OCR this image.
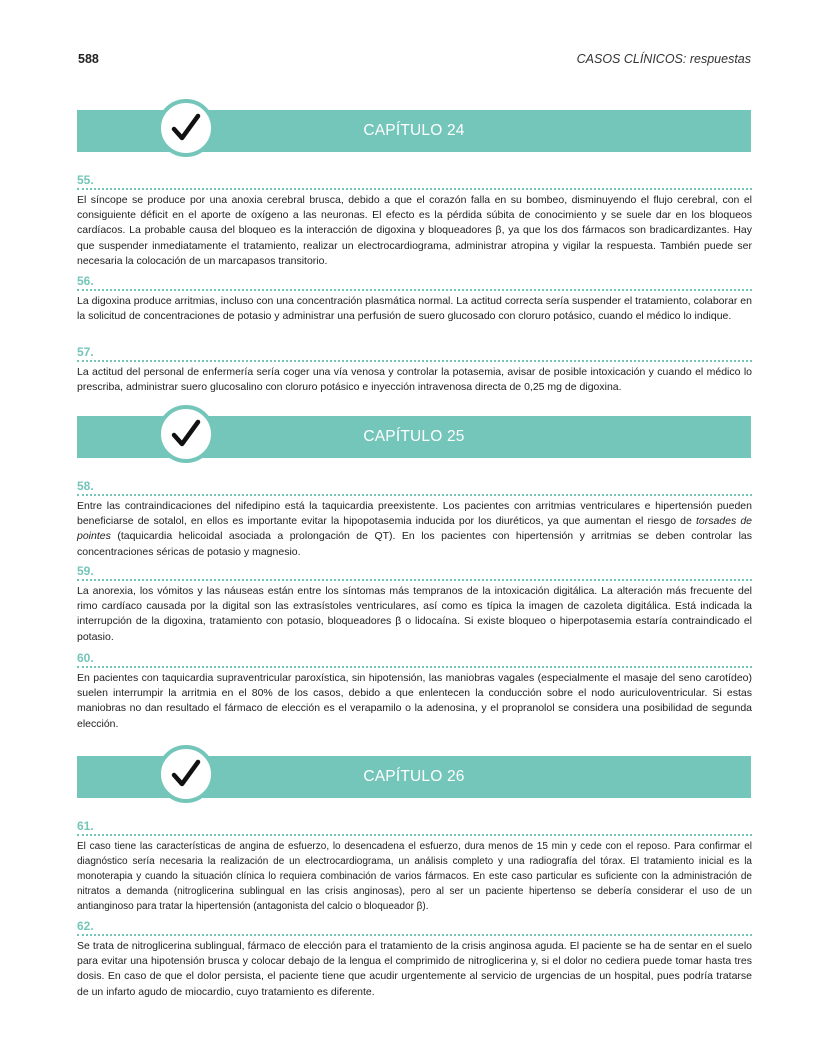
588	CASOS CLÍNICOS: respuestas
CAPÍTULO 24
55.

El síncope se produce por una anoxia cerebral brusca, debido a que el corazón falla en su bombeo, disminuyendo el flujo cerebral, con el consiguiente déficit en el aporte de oxígeno a las neuronas. El efecto es la pérdida súbita de conocimiento y se suele dar en los bloqueos cardíacos. La probable causa del bloqueo es la interacción de digoxina y bloqueadores β, ya que los dos fármacos son bradicardizantes. Hay que suspender inmediatamente el tratamiento, realizar un electrocardiograma, administrar atropina y vigilar la respuesta. También puede ser necesaria la colocación de un marcapasos transitorio.

56.

La digoxina produce arritmias, incluso con una concentración plasmática normal. La actitud correcta sería suspender el tratamiento, colaborar en la solicitud de concentraciones de potasio y administrar una perfusión de suero glucosado con cloruro potásico, cuando el médico lo indique.

57.

La actitud del personal de enfermería sería coger una vía venosa y controlar la potasemia, avisar de posible intoxicación y cuando el médico lo prescriba, administrar suero glucosalino con cloruro potásico e inyección intravenosa directa de 0,25 mg de digoxina.

CAPÍTULO 25
58.

Entre las contraindicaciones del nifedipino está la taquicardia preexistente. Los pacientes con arritmias ventriculares e hipertensión pueden beneficiarse de sotalol, en ellos es importante evitar la hipopotasemia inducida por los diuréticos, ya que aumentan el riesgo de torsades de pointes (taquicardia helicoidal asociada a prolongación de QT). En los pacientes con hipertensión y arritmias se deben controlar las concentraciones séricas de potasio y magnesio.

59.

La anorexia, los vómitos y las náuseas están entre los síntomas más tempranos de la intoxicación digitálica. La alteración más frecuente del rimo cardíaco causada por la digital son las extrasístoles ventriculares, así como es típica la imagen de cazoleta digitálica. Está indicada la interrupción de la digoxina, tratamiento con potasio, bloqueadores β o lidocaína. Si existe bloqueo o hiperpotasemia estaría contraindicado el potasio.

60.

En pacientes con taquicardia supraventricular paroxística, sin hipotensión, las maniobras vagales (especialmente el masaje del seno carotídeo) suelen interrumpir la arritmia en el 80% de los casos, debido a que enlentecen la conducción sobre el nodo auriculoventricular. Si estas maniobras no dan resultado el fármaco de elección es el verapamilo o la adenosina, y el propranolol se considera una posibilidad de segunda elección.

CAPÍTULO 26
61.

El caso tiene las características de angina de esfuerzo, lo desencadena el esfuerzo, dura menos de 15 min y cede con el reposo. Para confirmar el diagnóstico sería necesaria la realización de un electrocardiograma, un análisis completo y una radiografía del tórax. El tratamiento inicial es la monoterapia y cuando la situación clínica lo requiera combinación de varios fármacos. En este caso particular es suficiente con la administración de nitratos a demanda (nitroglicerina sublingual en las crisis anginosas), pero al ser un paciente hipertenso se debería considerar el uso de un antianginoso para tratar la hipertensión (antagonista del calcio o bloqueador β).

62.

Se trata de nitroglicerina sublingual, fármaco de elección para el tratamiento de la crisis anginosa aguda. El paciente se ha de sentar en el suelo para evitar una hipotensión brusca y colocar debajo de la lengua el comprimido de nitroglicerina y, si el dolor no cediera puede tomar hasta tres dosis. En caso de que el dolor persista, el paciente tiene que acudir urgentemente al servicio de urgencias de un hospital, pues podría tratarse de un infarto agudo de miocardio, cuyo tratamiento es diferente.
